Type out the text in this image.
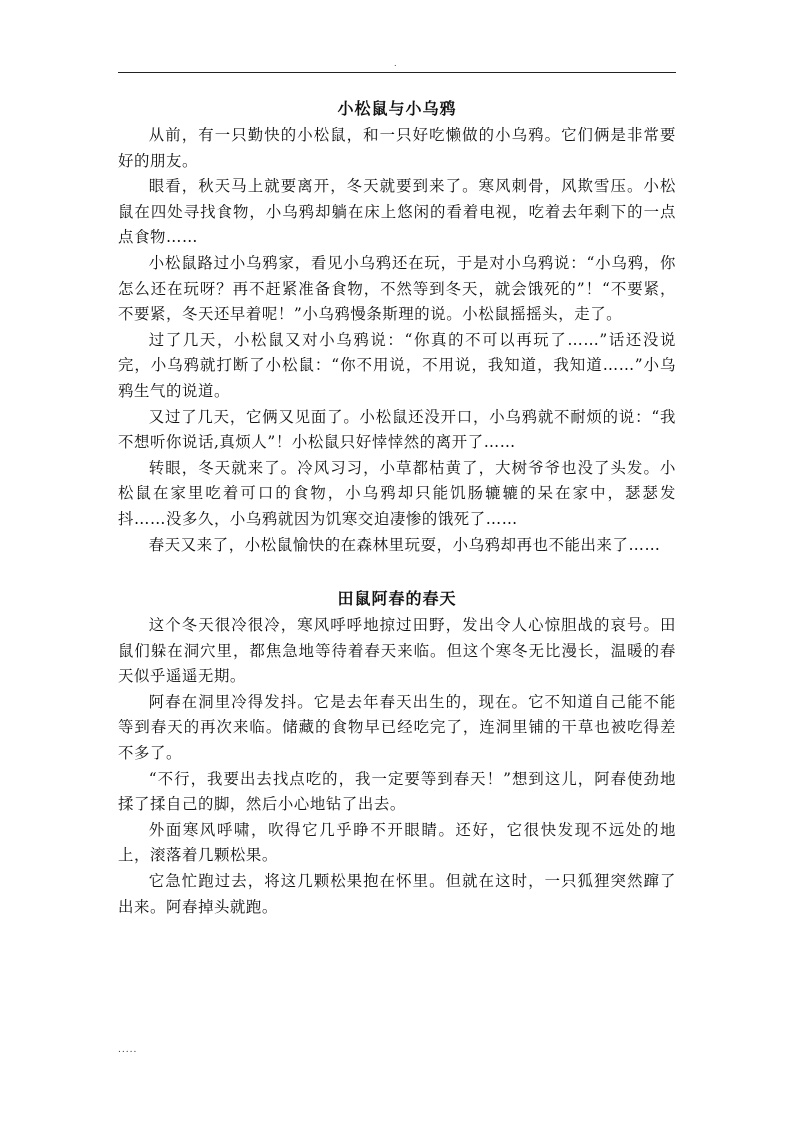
.
小松鼠与小乌鸦

从前，有一只勤快的小松鼠，和一只好吃懒做的小乌鸦。它们俩是非常要好的朋友。

眼看，秋天马上就要离开，冬天就要到来了。寒风刺骨，风欺雪压。小松鼠在四处寻找食物，小乌鸦却躺在床上悠闲的看着电视，吃着去年剩下的一点点食物……

小松鼠路过小乌鸦家，看见小乌鸦还在玩，于是对小乌鸦说：“小乌鸦，你怎么还在玩呀？再不赶紧准备食物，不然等到冬天，就会饿死的”！“不要紧，不要紧，冬天还早着呢！”小乌鸦慢条斯理的说。小松鼠摇摇头，走了。

过了几天，小松鼠又对小乌鸦说：“你真的不可以再玩了……”话还没说完，小乌鸦就打断了小松鼠：“你不用说，不用说，我知道，我知道……”小乌鸦生气的说道。

又过了几天，它俩又见面了。小松鼠还没开口，小乌鸦就不耐烦的说：“我不想听你说话,真烦人”！小松鼠只好悻悻然的离开了……

转眼，冬天就来了。冷风习习，小草都枯黄了，大树爷爷也没了头发。小松鼠在家里吃着可口的食物，小乌鸦却只能饥肠辘辘的呆在家中，瑟瑟发抖……没多久，小乌鸦就因为饥寒交迫凄惨的饿死了……

春天又来了，小松鼠愉快的在森林里玩耍，小乌鸦却再也不能出来了……

田鼠阿春的春天

这个冬天很冷很冷，寒风呼呼地掠过田野，发出令人心惊胆战的哀号。田鼠们躲在洞穴里，都焦急地等待着春天来临。但这个寒冬无比漫长，温暖的春天似乎遥遥无期。

阿春在洞里冷得发抖。它是去年春天出生的，现在。它不知道自己能不能等到春天的再次来临。储藏的食物早已经吃完了，连洞里铺的干草也被吃得差不多了。

“不行，我要出去找点吃的，我一定要等到春天！”想到这儿，阿春使劲地揉了揉自己的脚，然后小心地钻了出去。

外面寒风呼啸，吹得它几乎睁不开眼睛。还好，它很快发现不远处的地上，滚落着几颗松果。

它急忙跑过去，将这几颗松果抱在怀里。但就在这时，一只狐狸突然蹿了出来。阿春掉头就跑。

.....
